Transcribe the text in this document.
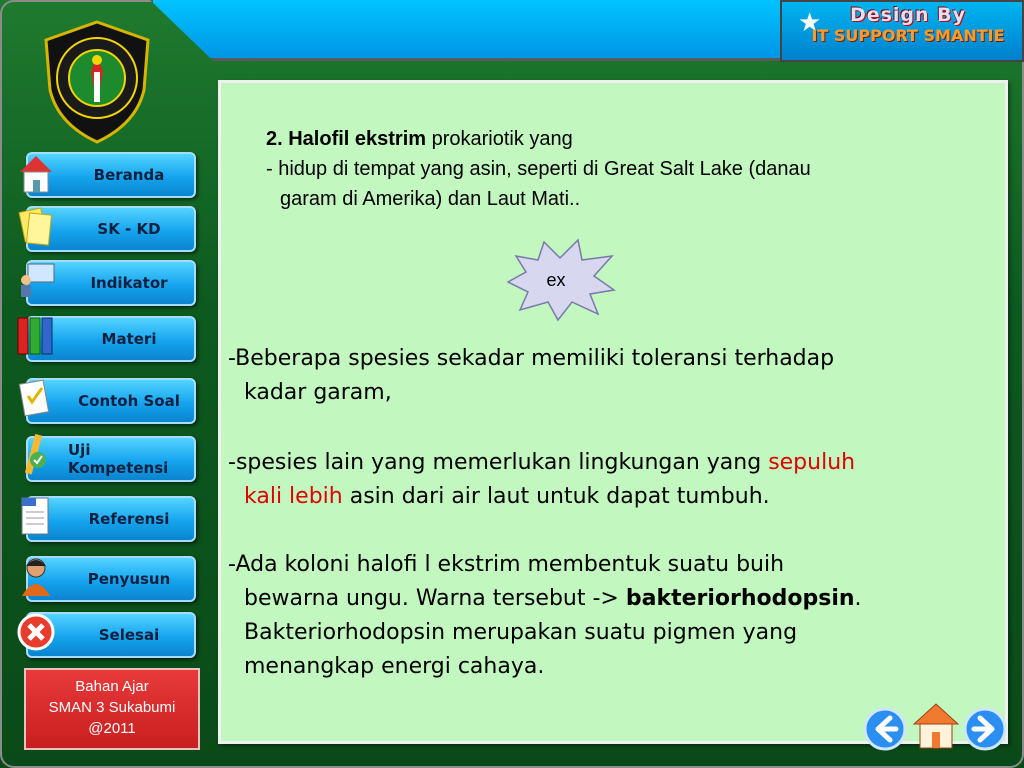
★	Design By
IT SUPPORT SMANTIE
Beranda
SK - KD
Indikator
Materi
Contoh Soal
Uji Kompetensi
Referensi
Penyusun
Selesai
Bahan Ajar
SMAN 3 Sukabumi
@2011
2. Halofil ekstrim prokariotik yang
- hidup di tempat yang asin, seperti di Great Salt Lake (danau
garam di Amerika) dan Laut Mati..
ex
-Beberapa spesies sekadar memiliki toleransi terhadap
kadar garam,
-spesies lain yang memerlukan lingkungan yang sepuluh
kali lebih asin dari air laut untuk dapat tumbuh.
-Ada koloni halofi l ekstrim membentuk suatu buih
bewarna ungu. Warna tersebut -> bakteriorhodopsin.
Bakteriorhodopsin merupakan suatu pigmen yang
menangkap energi cahaya.
